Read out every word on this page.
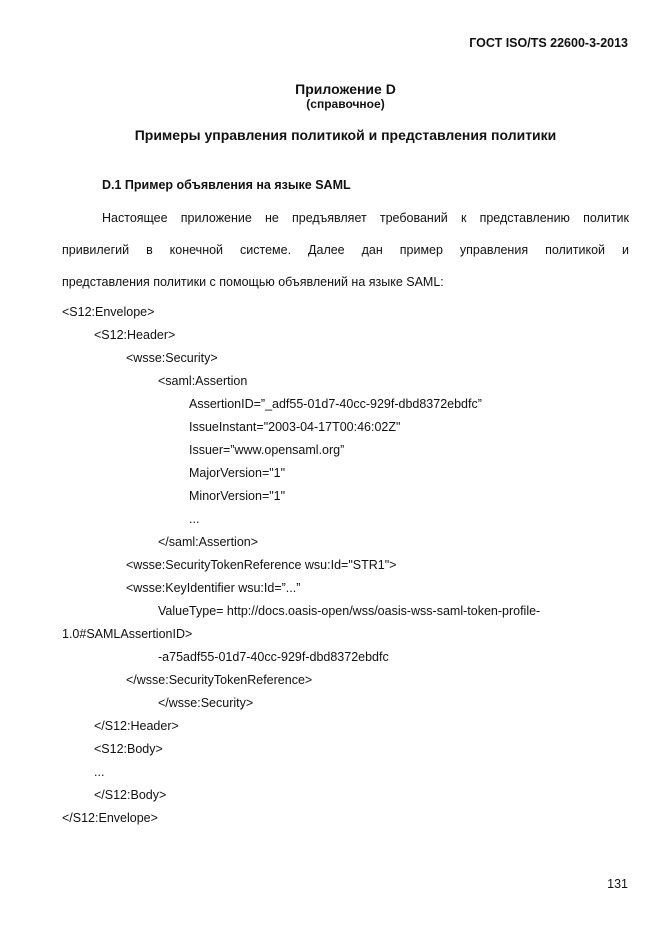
ГОСТ ISO/TS 22600-3-2013
Приложение D
(справочное)
Примеры управления политикой и представления политики
D.1 Пример объявления на языке SAML
Настоящее приложение не предъявляет требований к представлению политик
привилегий в конечной системе. Далее дан пример управления политикой и
представления политики с помощью объявлений на языке SAML:
<S12:Envelope>
<S12:Header>
<wsse:Security>
<saml:Assertion
AssertionID=”_adf55-01d7-40cc-929f-dbd8372ebdfc”
IssueInstant="2003-04-17T00:46:02Z"
Issuer=”www.opensaml.org”
MajorVersion="1"
MinorVersion="1"
...
</saml:Assertion>
<wsse:SecurityTokenReference wsu:Id="STR1">
<wsse:KeyIdentifier wsu:Id=”...”
ValueType= http://docs.oasis-open/wss/oasis-wss-saml-token-profile-
1.0#SAMLAssertionID>
-a75adf55-01d7-40cc-929f-dbd8372ebdfc
</wsse:SecurityTokenReference>
</wsse:Security>
</S12:Header>
<S12:Body>
...
</S12:Body>
</S12:Envelope>
131
